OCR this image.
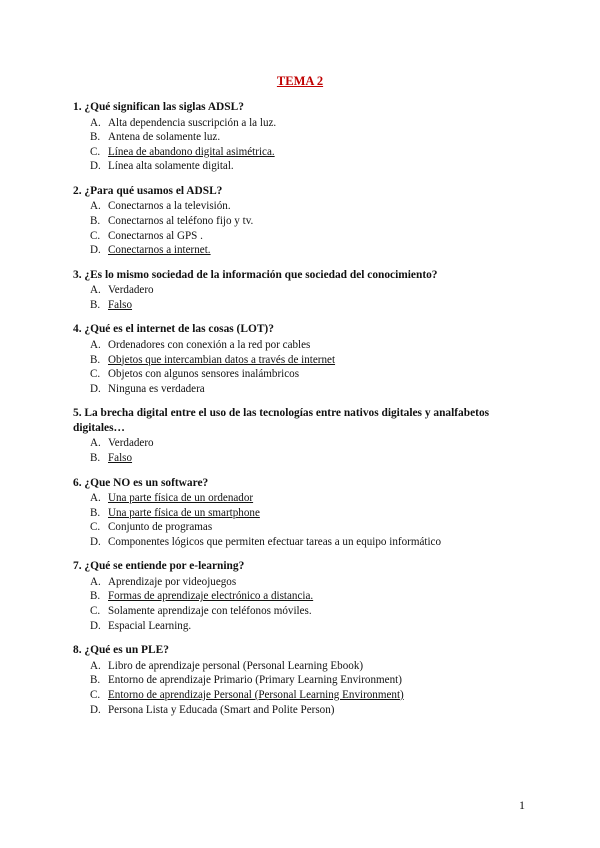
TEMA 2
1. ¿Qué significan las siglas ADSL?
A. Alta dependencia suscripción a la luz.
B. Antena de solamente luz.
C. Línea de abandono digital asimétrica.
D. Línea alta solamente digital.
2. ¿Para qué usamos el ADSL?
A. Conectarnos a la televisión.
B. Conectarnos al teléfono fijo y tv.
C. Conectarnos al GPS .
D. Conectarnos a internet.
3. ¿Es lo mismo sociedad de la información que sociedad del conocimiento?
A. Verdadero
B. Falso
4. ¿Qué es el internet de las cosas (LOT)?
A. Ordenadores con conexión a la red por cables
B. Objetos que intercambian datos a través de internet
C. Objetos con algunos sensores inalámbricos
D. Ninguna es verdadera
5. La brecha digital entre el uso de las tecnologías entre nativos digitales y analfabetos digitales…
A. Verdadero
B. Falso
6. ¿Que NO es un software?
A. Una parte física de un ordenador
B. Una parte física de un smartphone
C. Conjunto de programas
D. Componentes lógicos que permiten efectuar tareas a un equipo informático
7. ¿Qué se entiende por e-learning?
A. Aprendizaje por videojuegos
B. Formas de aprendizaje electrónico a distancia.
C. Solamente aprendizaje con teléfonos móviles.
D. Espacial Learning.
8. ¿Qué es un PLE?
A. Libro de aprendizaje personal (Personal Learning Ebook)
B. Entorno de aprendizaje Primario (Primary Learning Environment)
C. Entorno de aprendizaje Personal (Personal Learning Environment)
D. Persona Lista y Educada (Smart and Polite Person)
1
